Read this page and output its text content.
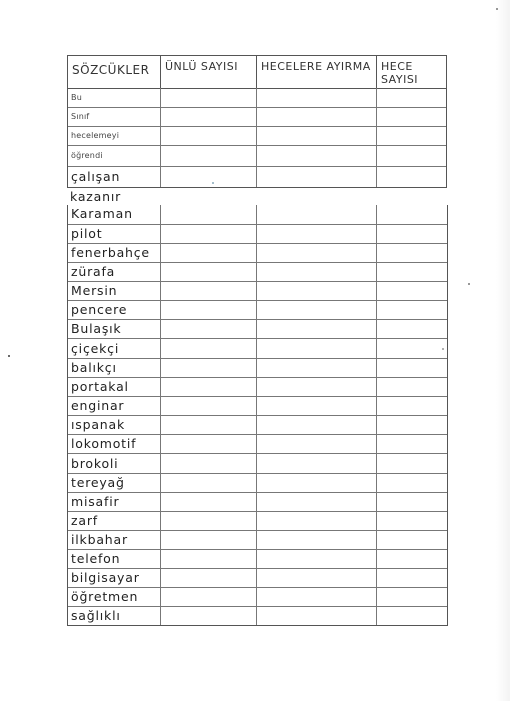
SÖZCÜKLER	ÜNLÜ SAYISI	HECELERE AYIRMA HECE SAYISI
Bu
Sınıf
hecelemeyi
öğrendi
çalışan
kazanır
Karaman
pilot
fenerbahçe
zürafa
Mersin
pencere
Bulaşık
çiçekçi
balıkçı
portakal
enginar
ıspanak
lokomotif
brokoli
tereyağ
misafir
zarf
ilkbahar
telefon
bilgisayar
öğretmen
sağlıklı
